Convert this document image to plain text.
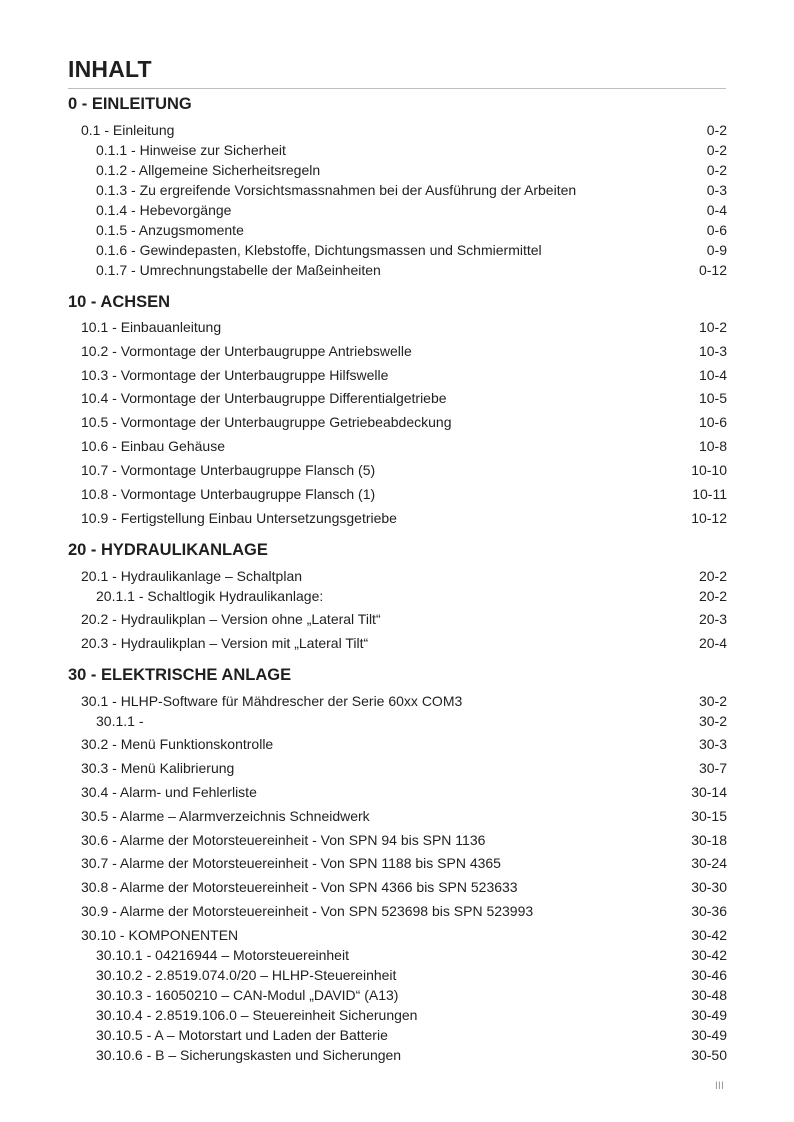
INHALT
0 - EINLEITUNG
0.1 - Einleitung	0-2
0.1.1 - Hinweise zur Sicherheit	0-2
0.1.2 - Allgemeine Sicherheitsregeln	0-2
0.1.3 - Zu ergreifende Vorsichtsmassnahmen bei der Ausführung der Arbeiten	0-3
0.1.4 - Hebevorgänge	0-4
0.1.5 - Anzugsmomente	0-6
0.1.6 - Gewindepasten, Klebstoffe, Dichtungsmassen und Schmiermittel	0-9
0.1.7 - Umrechnungstabelle der Maßeinheiten	0-12
10 - ACHSEN
10.1 - Einbauanleitung	10-2
10.2 - Vormontage der Unterbaugruppe Antriebswelle	10-3
10.3 - Vormontage der Unterbaugruppe Hilfswelle	10-4
10.4 - Vormontage der Unterbaugruppe Differentialgetriebe	10-5
10.5 - Vormontage der Unterbaugruppe Getriebeabdeckung	10-6
10.6 - Einbau Gehäuse	10-8
10.7 - Vormontage Unterbaugruppe Flansch (5)	10-10
10.8 - Vormontage Unterbaugruppe Flansch (1)	10-11
10.9 - Fertigstellung Einbau Untersetzungsgetriebe	10-12
20 - HYDRAULIKANLAGE
20.1 - Hydraulikanlage – Schaltplan	20-2
20.1.1 - Schaltlogik Hydraulikanlage:	20-2
20.2 - Hydraulikplan – Version ohne „Lateral Tilt“	20-3
20.3 - Hydraulikplan – Version mit „Lateral Tilt“	20-4
30 - ELEKTRISCHE ANLAGE
30.1 - HLHP-Software für Mähdrescher der Serie 60xx COM3	30-2
30.1.1 -	30-2
30.2 - Menü Funktionskontrolle	30-3
30.3 - Menü Kalibrierung	30-7
30.4 - Alarm- und Fehlerliste	30-14
30.5 - Alarme – Alarmverzeichnis Schneidwerk	30-15
30.6 - Alarme der Motorsteuereinheit - Von SPN 94 bis SPN 1136	30-18
30.7 - Alarme der Motorsteuereinheit - Von SPN 1188 bis SPN 4365	30-24
30.8 - Alarme der Motorsteuereinheit - Von SPN 4366 bis SPN 523633	30-30
30.9 - Alarme der Motorsteuereinheit - Von SPN 523698 bis SPN 523993	30-36
30.10 - KOMPONENTEN	30-42
30.10.1 - 04216944 – Motorsteuereinheit	30-42
30.10.2 - 2.8519.074.0/20 – HLHP-Steuereinheit	30-46
30.10.3 - 16050210 – CAN-Modul „DAVID“ (A13)	30-48
30.10.4 - 2.8519.106.0 – Steuereinheit Sicherungen	30-49
30.10.5 - A – Motorstart und Laden der Batterie	30-49
30.10.6 - B – Sicherungskasten und Sicherungen	30-50
III
